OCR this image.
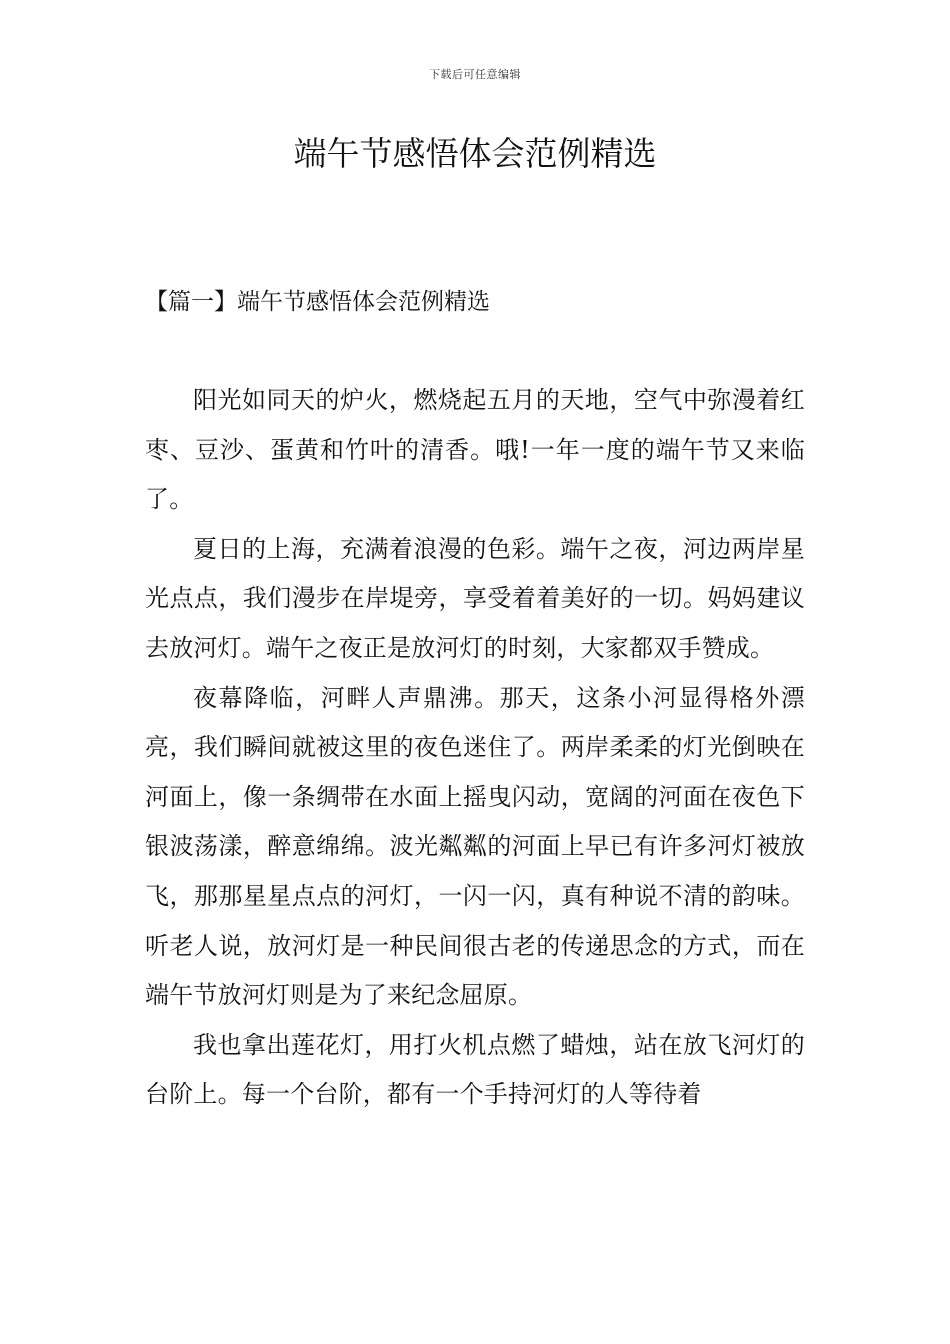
下载后可任意编辑
端午节感悟体会范例精选
【篇一】端午节感悟体会范例精选

阳光如同天的炉火，燃烧起五月的天地，空气中弥漫着红枣、豆沙、蛋黄和竹叶的清香。哦!一年一度的端午节又来临了。

夏日的上海，充满着浪漫的色彩。端午之夜，河边两岸星光点点，我们漫步在岸堤旁，享受着着美好的一切。妈妈建议去放河灯。端午之夜正是放河灯的时刻，大家都双手赞成。

夜幕降临，河畔人声鼎沸。那天，这条小河显得格外漂亮，我们瞬间就被这里的夜色迷住了。两岸柔柔的灯光倒映在河面上，像一条绸带在水面上摇曳闪动，宽阔的河面在夜色下银波荡漾，醉意绵绵。波光粼粼的河面上早已有许多河灯被放飞，那那星星点点的河灯，一闪一闪，真有种说不清的韵味。听老人说，放河灯是一种民间很古老的传递思念的方式，而在端午节放河灯则是为了来纪念屈原。

我也拿出莲花灯，用打火机点燃了蜡烛，站在放飞河灯的台阶上。每一个台阶，都有一个手持河灯的人等待着
